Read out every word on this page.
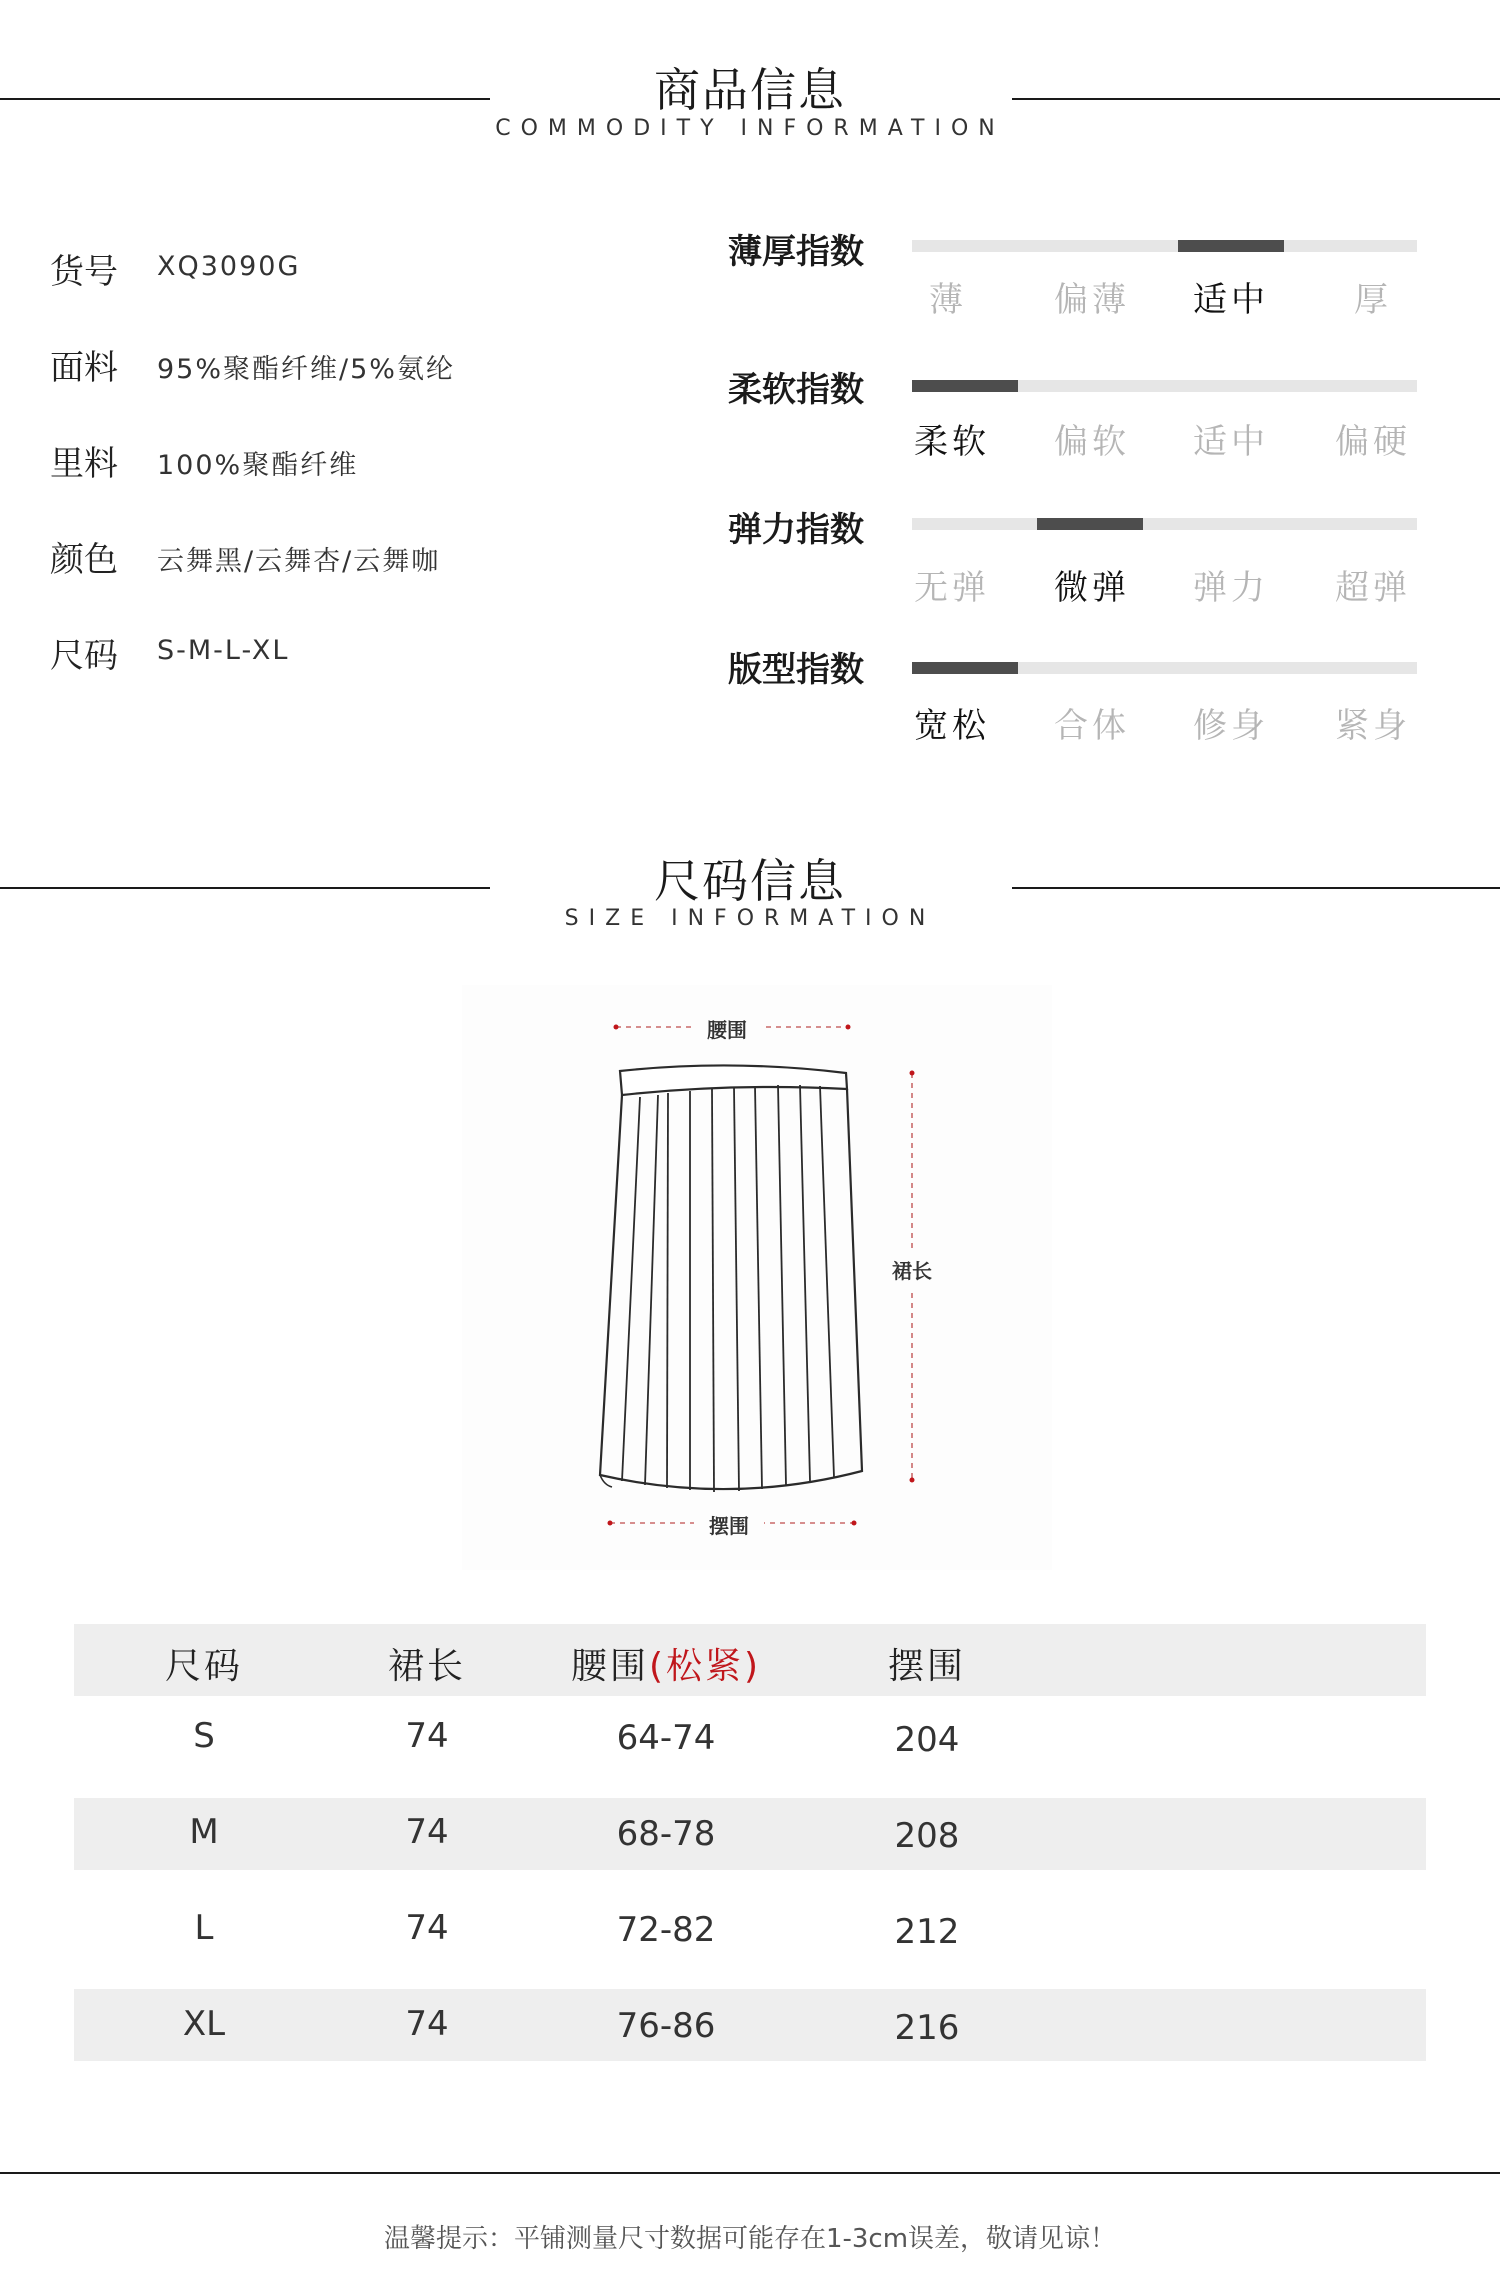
商品信息
COMMODITY INFORMATION
货号 XQ3090G
面料 95%聚酯纤维/5%氨纶
里料 100%聚酯纤维
颜色 云舞黑/云舞杏/云舞咖
尺码 S-M-L-XL
薄厚指数
薄	偏薄	适中	厚
柔软指数
柔软	偏软	适中	偏硬
弹力指数
无弹	微弹	弹力	超弹
版型指数
宽松	合体	修身	紧身
尺码信息
SIZE INFORMATION
腰围
裙长
摆围
尺码	裙长	腰围(松紧)	摆围
S	74	64-74	204
M	74	68-78	208
L	74	72-82	212
XL	74	76-86	216
温馨提示：平铺测量尺寸数据可能存在1-3cm误差，敬请见谅！
